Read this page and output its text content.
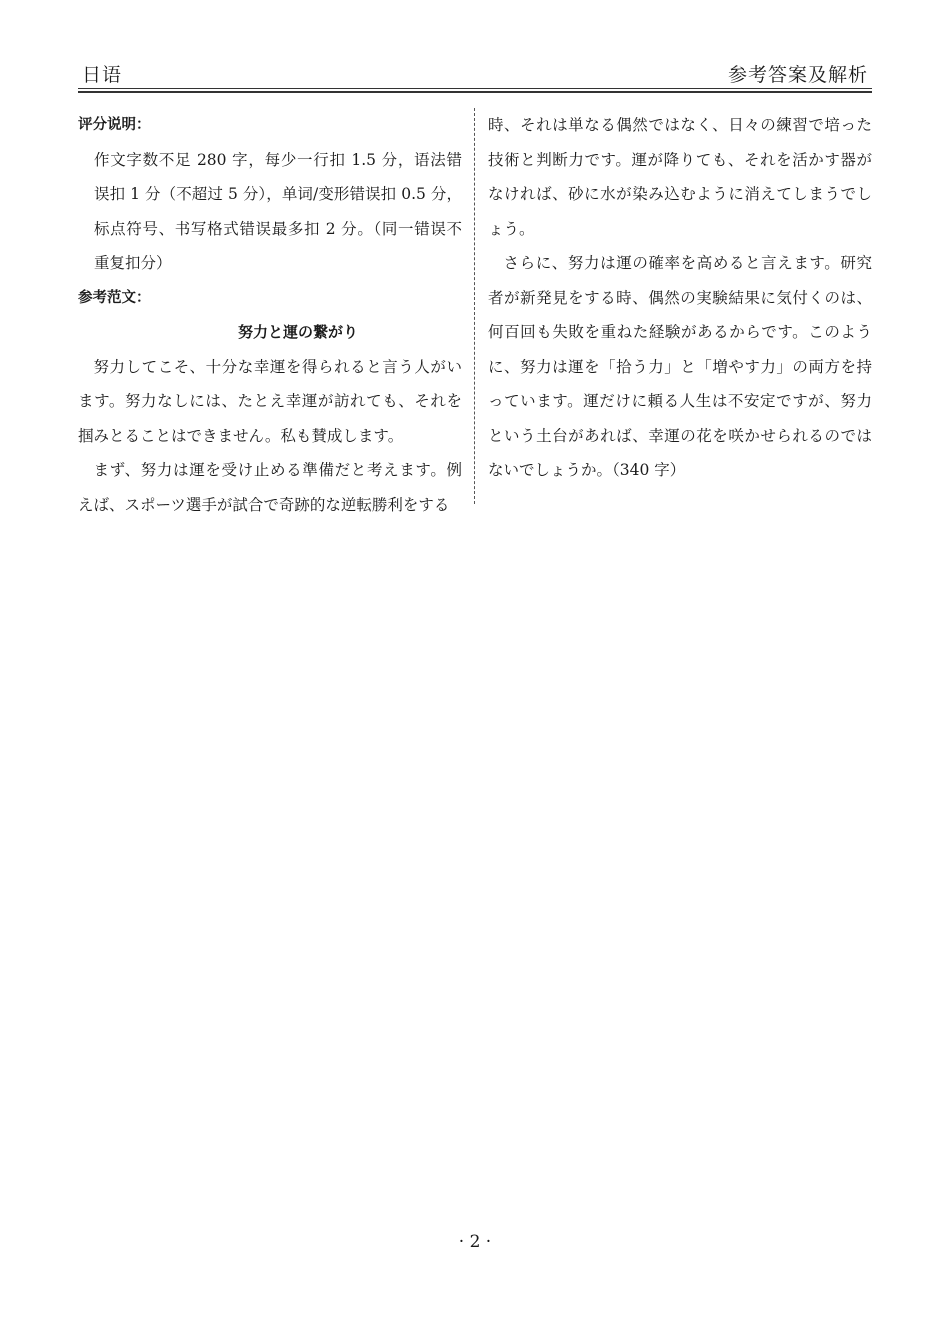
日语	参考答案及解析
评分说明：
作文字数不足 280 字，每少一行扣 1.5 分，语法错误扣 1 分（不超过 5 分），单词/变形错误扣 0.5 分，标点符号、书写格式错误最多扣 2 分。（同一错误不重复扣分）
参考范文：
努力と運の繋がり

努力してこそ、十分な幸運を得られると言う人がいます。努力なしには、たとえ幸運が訪れても、それを掴みとることはできません。私も賛成します。

まず、努力は運を受け止める準備だと考えます。例えば、スポーツ選手が試合で奇跡的な逆転勝利をする

時、それは単なる偶然ではなく、日々の練習で培った技術と判断力です。運が降りても、それを活かす器がなければ、砂に水が染み込むように消えてしまうでしょう。

さらに、努力は運の確率を高めると言えます。研究者が新発見をする時、偶然の実験結果に気付くのは、何百回も失敗を重ねた経験があるからです。このように、努力は運を「拾う力」と「増やす力」の両方を持っています。運だけに頼る人生は不安定ですが、努力という土台があれば、幸運の花を咲かせられるのではないでしょうか。（340 字）

· 2 ·
